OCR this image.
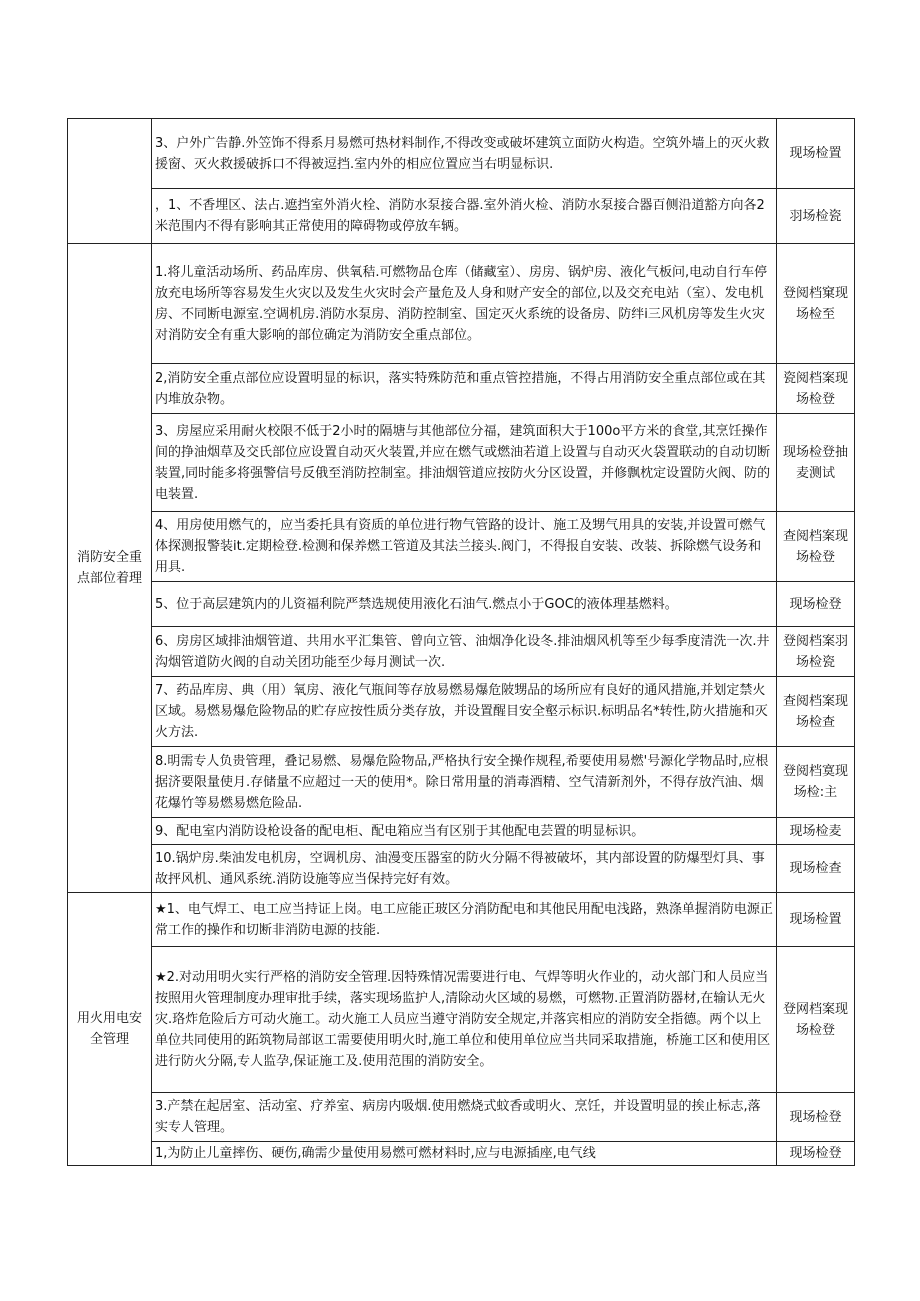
	3、户外广告静.外笠饰不得系月易燃可热材料制作,不得改变或破坏建筑立面防火构造。空筑外墙上的灭火救援窗、灭火救援破拆口不得被逗挡.室内外的相应位置应当右明显标识.	现场检置
	，1、不香埋区、法占.遮挡室外消火栓、消防水泵接合器.室外消火检、消防水泵接合器百侧沿道豁方向各2米范围内不得有影响其正常使用的障碍物或停放车辆。	羽场检瓷
消防安全重点部位着理	1.将儿童活动场所、药品库房、供氧秸.可燃物品仓库（储藏室）、房房、锅炉房、液化气板问,电动自行车停放充电场所等容易发生火灾以及发生火灾时会产量危及人身和财产安全的部位,以及交充电站（室）、发电机房、不同断电源室.空调机房.消防水泵房、消防控制室、国定灭火系统的设备房、防绊i三风机房等发生火灾对消防安全有重大影响的部位确定为消防安全重点部位。	登阅档窠现场检至
	2,消防安全重点部位应设置明显的标识，落实特殊防范和重点管控措施，不得占用消防安全重点部位或在其内堆放杂物。	瓷阅档案现场检登
	3、房屋应采用耐火校限不低于2小时的隔塘与其他部位分福，建筑面积大于100o平方米的食堂,其烹饪操作间的挣油烟草及交氏部位应设置自动灭火装置,并应在燃气或燃油若道上设置与自动灭火袋置联动的自动切断装置,同时能多将强警信号反俄至消防控制室。排油烟管道应按防火分区设置，并修飘枕定设置防火阀、防的电装置.	现场检登抽麦测试
	4、用房使用燃气的，应当委托具有资质的单位进行物气管路的设计、施工及甥气用具的安装,并设置可燃气体探测报警装it.定期检登.检测和保养燃工管道及其法兰接头.阀门，不得报自安装、改装、拆除燃气设务和用具.	查阅档案现场检登
	5、位于高层建筑内的儿资福利院严禁选规使用液化石油气.燃点小于GOC的液体理基燃料。	现场检登
	6、房房区域排油烟管道、共用水平汇集管、曾向立管、油烟净化设冬.排油烟风机等至少每季度清洗一次.井沟烟管道防火阀的自动关团功能至少每月测试一次.	登阅档案羽场检瓷
	7、药品库房、典（用）氧房、液化气瓶间等存放易燃易爆危陂甥品的场所应有良好的通风措施,并划定禁火区域。易燃易爆危险物品的贮存应按性质分类存放，并设置醒目安全壑示标识.标明品名*转性,防火措施和灭火方法.	查阅档案现场检查
	8.明需专人负贵管理，叠记易燃、易爆危险物品,严格执行安全操作规程,希要使用易燃'号源化学物品时,应根据济要限量使月.存储量不应超过一天的使用*。除日常用量的消毒酒精、空气清新剂外，不得存放汽油、烟花爆竹等易燃易燃危险品.	登阅档寞现场检:主
	9、配电室内消防设枪设备的配电柜、配电箱应当有区别于其他配电芸置的明显标识。	现场检麦
	10.锅炉房.柴油发电机房，空调机房、油漫变压器室的防火分隔不得被破坏，其内部设置的防爆型灯具、事故抨风机、通风系统.消防设施等应当保持完好有效。	现场检查
用火用电安全管理	★1、电气焊工、电工应当持证上岗。电工应能正玻区分消防配电和其他民用配电浅路，熟涤单握消防电源正常工作的操作和切断非消防电源的技能.	现场检置
	★2.对动用明火实行严格的消防安全管理.因特殊情况需要进行电、气焊等明火作业的，动火部门和人员应当按照用火管理制度办理审批手续，落实现场监护人,清除动火区域的易燃，可燃物.正置消防器材,在输认无火灾.珞炸危险后方可动火施工。动火施工人员应当遵守消防安全规定,并落宾相应的消防安全指德。两个以上单位共同使用的跖筑物局部讴工需要使用明火时,施工单位和使用单位应当共同采取措施，桥施工区和使用区进行防火分隔,专人监孕,保证施工及.使用范围的消防安全。	登网档案现场检登
	3.产禁在起居室、活动室、疗养室、病房内吸烟.使用燃烧式蚊香或明火、烹饪，并设置明显的挨止标志,落实专人管理。	现场检登
	1,为防止儿童摔伤、硬伤,确需少量使用易燃可燃材料时,应与电源插座,电气线	现场检登
